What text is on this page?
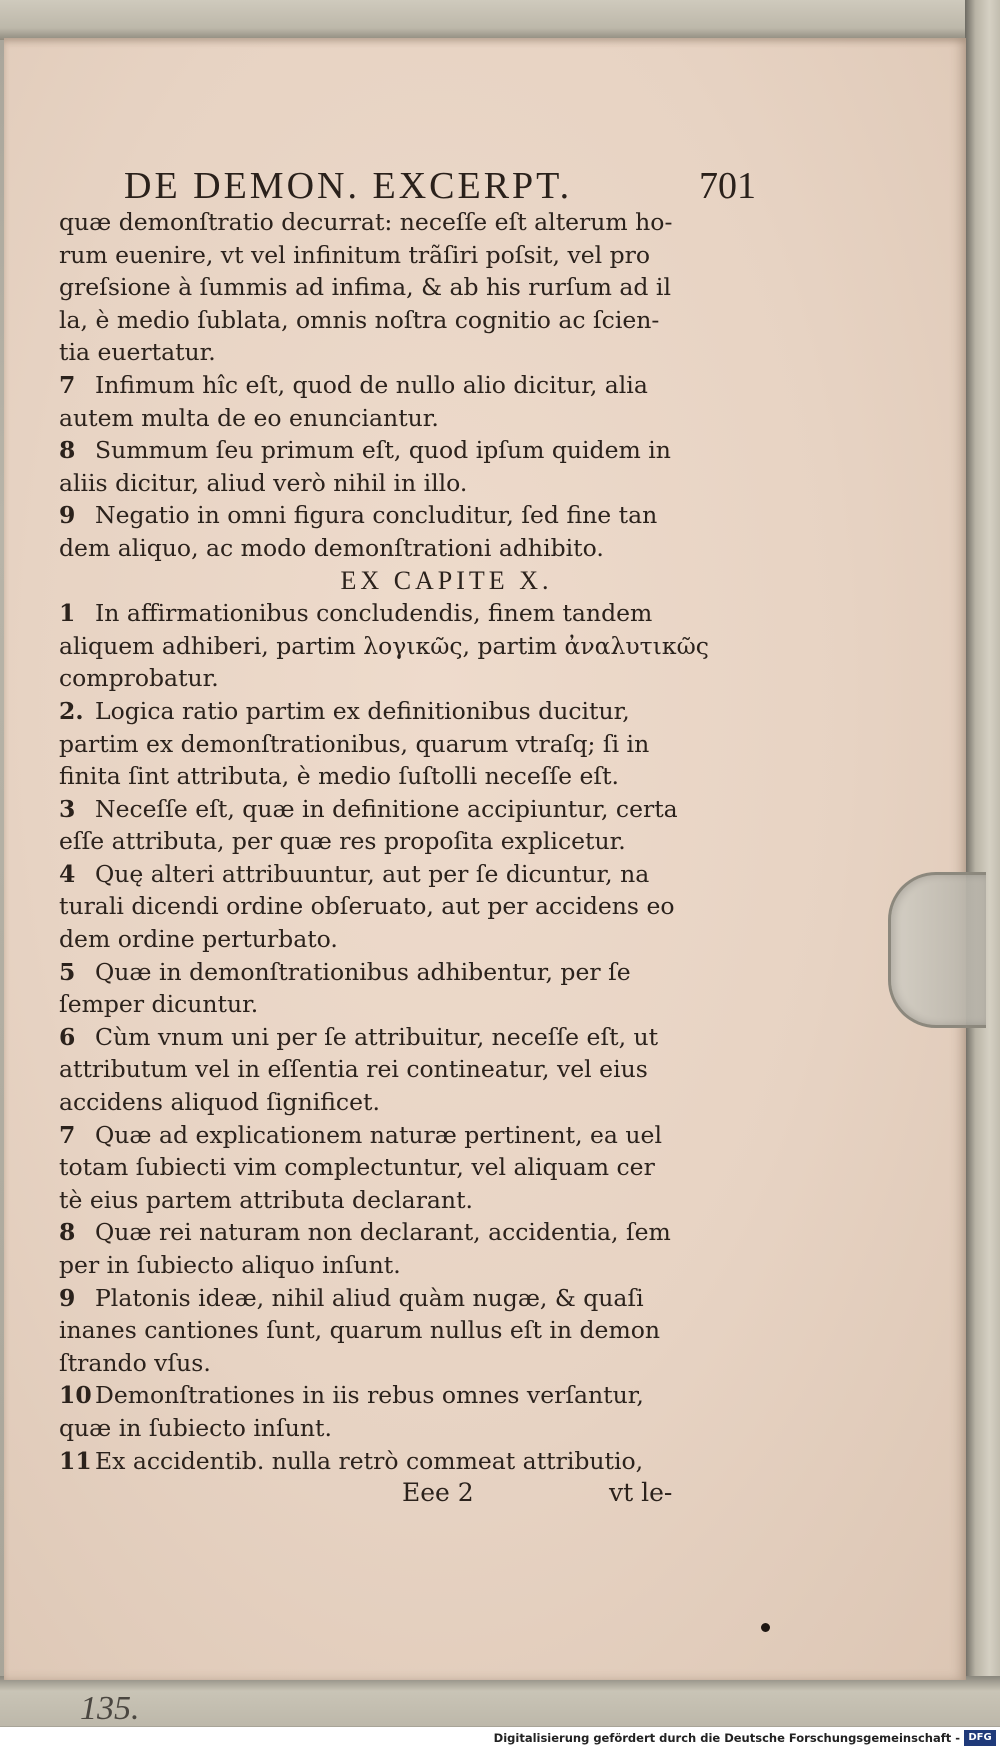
DE DEMON. EXCERPT.	701
quæ demonſtratio decurrat: neceſſe eſt alterum ho-
rum euenire, vt vel infinitum trãſiri poſsit, vel pro
greſsione à ſummis ad infima, & ab his rurſum ad il
la, è medio ſublata, omnis noſtra cognitio ac ſcien-
tia euertatur.
7 Infimum hîc eſt, quod de nullo alio dicitur, alia
autem multa de eo enunciantur.
8 Summum ſeu primum eſt, quod ipſum quidem in
aliis dicitur, aliud verò nihil in illo.
9 Negatio in omni figura concluditur, ſed fine tan
dem aliquo, ac modo demonſtrationi adhibito.
EX CAPITE X.
1 In affirmationibus concludendis, finem tandem
aliquem adhiberi, partim λογικῶς, partim ἀναλυτικῶς
comprobatur.
2. Logica ratio partim ex definitionibus ducitur,
partim ex demonſtrationibus, quarum vtraſq; ſi in
finita ſint attributa, è medio ſuſtolli neceſſe eſt.
3 Neceſſe eſt, quæ in definitione accipiuntur, certa
eſſe attributa, per quæ res propoſita explicetur.
4 Quę alteri attribuuntur, aut per ſe dicuntur, na
turali dicendi ordine obſeruato, aut per accidens eo
dem ordine perturbato.
5 Quæ in demonſtrationibus adhibentur, per ſe
ſemper dicuntur.
6 Cùm vnum uni per ſe attribuitur, neceſſe eſt, ut
attributum vel in eſſentia rei contineatur, vel eius
accidens aliquod ſignificet.
7 Quæ ad explicationem naturæ pertinent, ea uel
totam ſubiecti vim complectuntur, vel aliquam cer
tè eius partem attributa declarant.
8 Quæ rei naturam non declarant, accidentia, ſem
per in ſubiecto aliquo inſunt.
9 Platonis ideæ, nihil aliud quàm nugæ, & quaſi
inanes cantiones ſunt, quarum nullus eſt in demon
ſtrando vſus.
10 Demonſtrationes in iis rebus omnes verſantur,
quæ in ſubiecto inſunt.
11 Ex accidentib. nulla retrò commeat attributio,
Eee 2	vt le-
135.
Digitalisierung gefördert durch die Deutsche Forschungsgemeinschaft - DFG
